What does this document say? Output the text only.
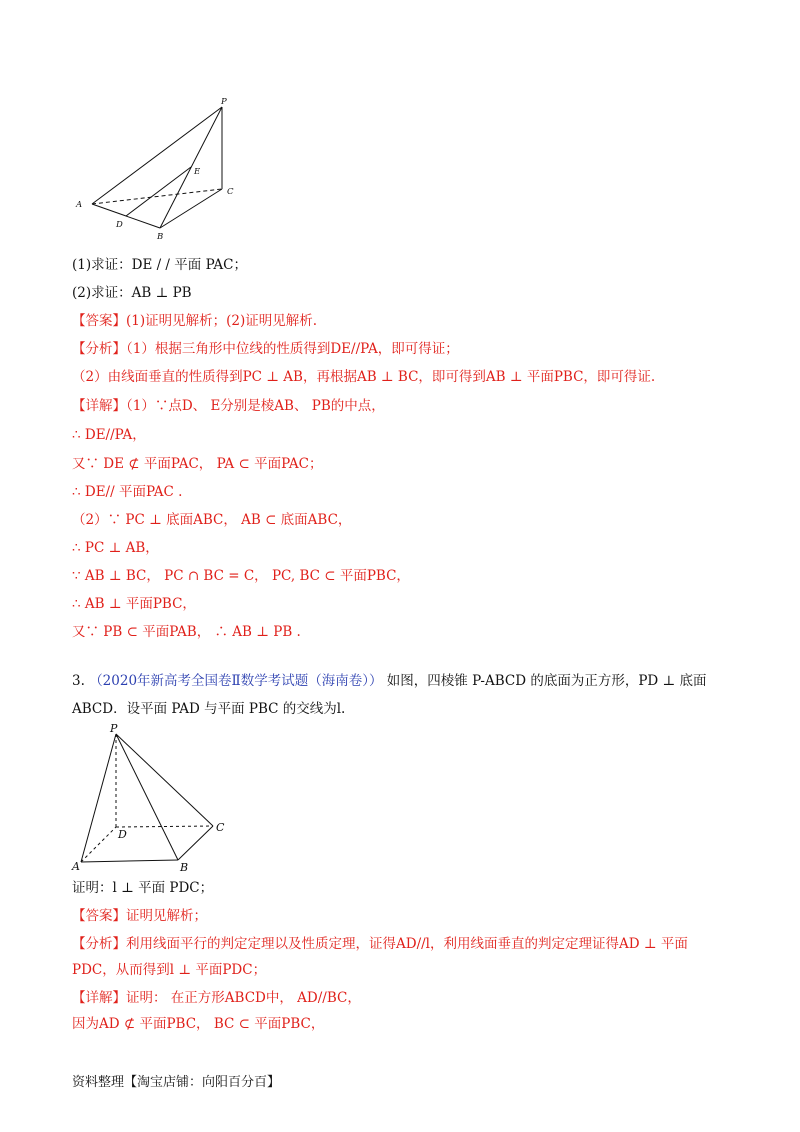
P
E
C
A
D
B
(1)求证：DE / / 平面 PAC；
(2)求证：AB ⊥ PB
【答案】(1)证明见解析；(2)证明见解析.
【分析】（1）根据三角形中位线的性质得到DE//PA，即可得证；
（2）由线面垂直的性质得到PC ⊥ AB，再根据AB ⊥ BC，即可得到AB ⊥ 平面PBC，即可得证.
【详解】（1）∵点D、 E分别是棱AB、 PB的中点，
∴ DE//PA，
又∵ DE ⊄ 平面PAC， PA ⊂ 平面PAC；
∴ DE// 平面PAC .
（2）∵ PC ⊥ 底面ABC， AB ⊂ 底面ABC，
∴ PC ⊥ AB，
∵ AB ⊥ BC， PC ∩ BC = C， PC, BC ⊂ 平面PBC，
∴ AB ⊥ 平面PBC，
又∵ PB ⊂ 平面PAB， ∴ AB ⊥ PB .
3. （2020年新高考全国卷Ⅱ数学考试题（海南卷）） 如图，四棱锥 P-ABCD 的底面为正方形，PD ⊥ 底面
ABCD．设平面 PAD 与平面 PBC 的交线为l.
P
D
C
A	B
证明：l ⊥ 平面 PDC；
【答案】证明见解析；
【分析】利用线面平行的判定定理以及性质定理，证得AD//l，利用线面垂直的判定定理证得AD ⊥ 平面
PDC，从而得到l ⊥ 平面PDC；
【详解】证明： 在正方形ABCD中， AD//BC，
因为AD ⊄ 平面PBC， BC ⊂ 平面PBC，
资料整理【淘宝店铺：向阳百分百】
